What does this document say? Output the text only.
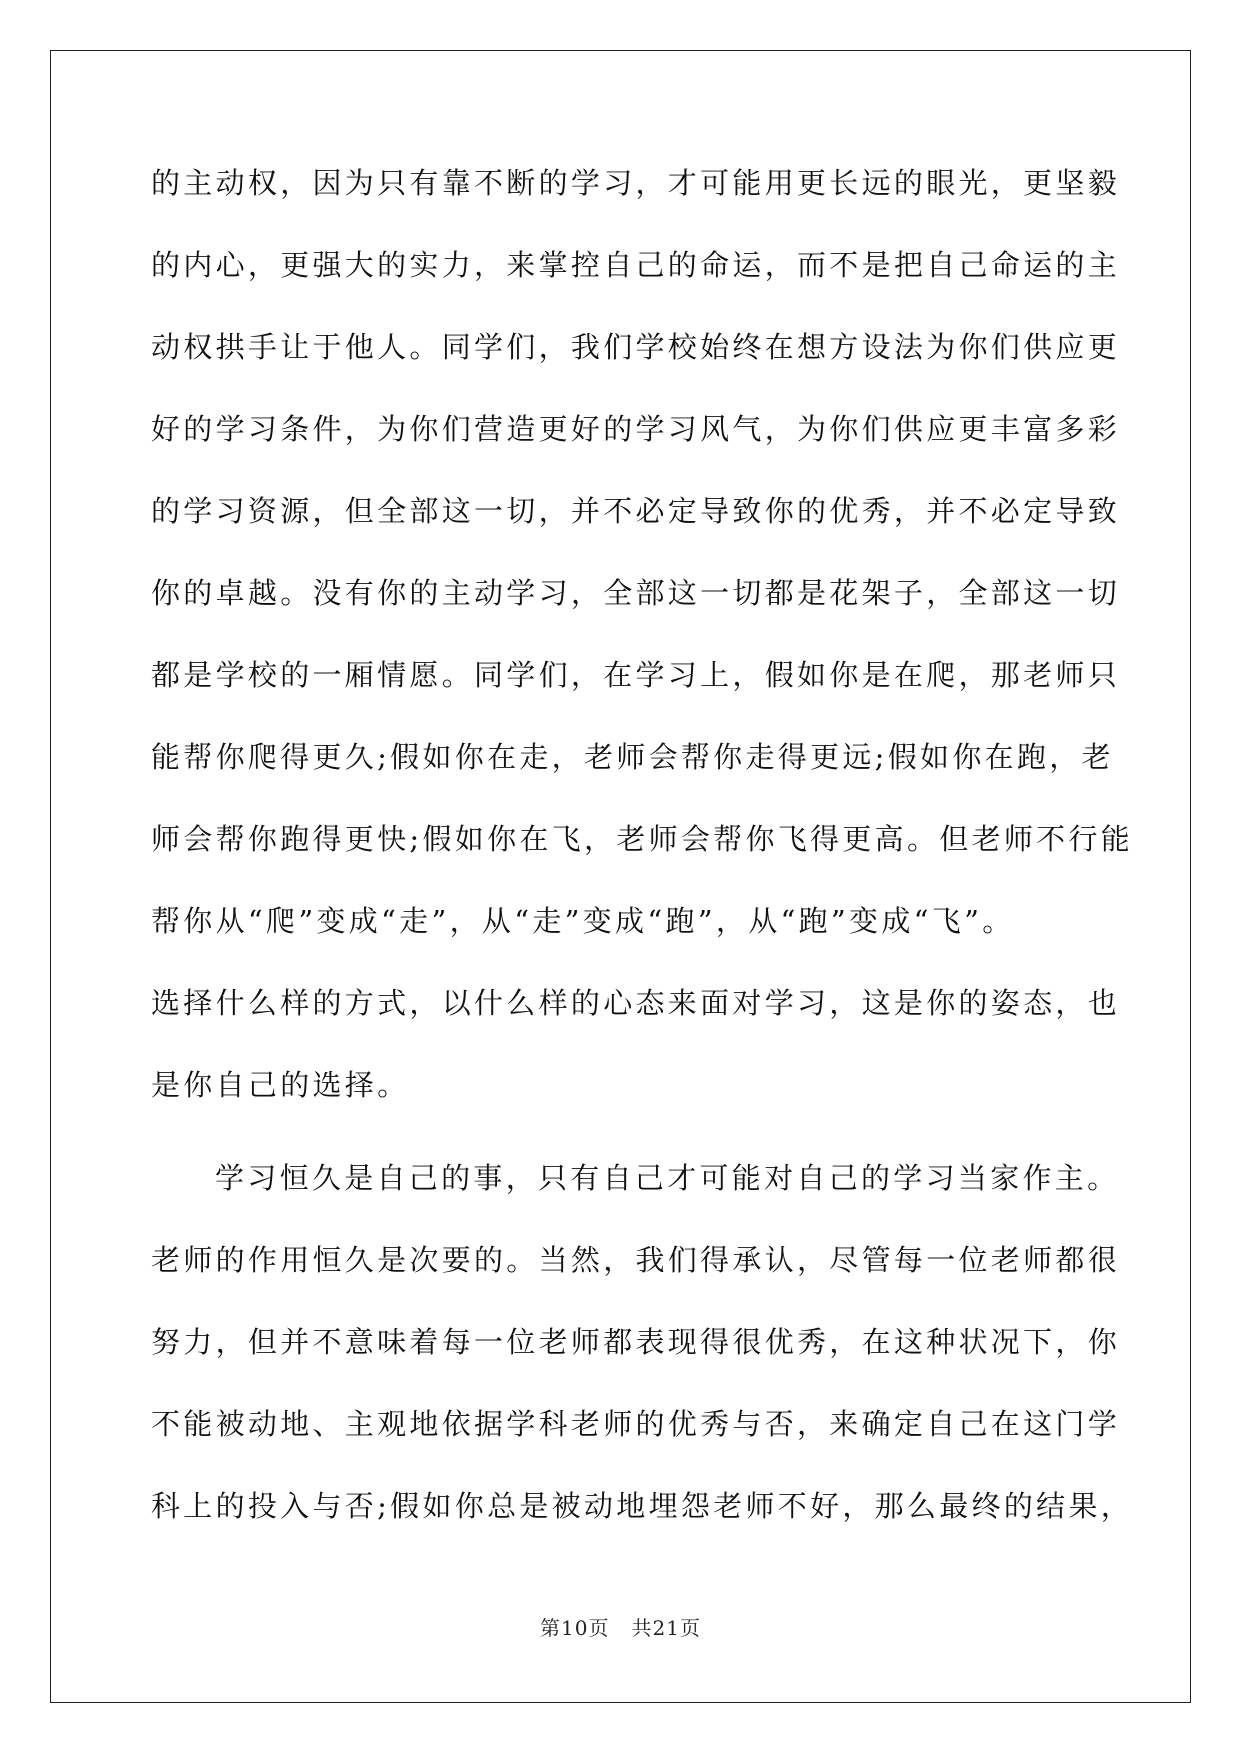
的主动权，因为只有靠不断的学习，才可能用更长远的眼光，更坚毅
的内心，更强大的实力，来掌控自己的命运，而不是把自己命运的主
动权拱手让于他人。同学们，我们学校始终在想方设法为你们供应更
好的学习条件，为你们营造更好的学习风气，为你们供应更丰富多彩
的学习资源，但全部这一切，并不必定导致你的优秀，并不必定导致
你的卓越。没有你的主动学习，全部这一切都是花架子，全部这一切
都是学校的一厢情愿。同学们，在学习上，假如你是在爬，那老师只
能帮你爬得更久;假如你在走，老师会帮你走得更远;假如你在跑，老
师会帮你跑得更快;假如你在飞，老师会帮你飞得更高。但老师不行能
帮你从“爬”变成“走”，从“走”变成“跑”，从“跑”变成“飞”。
选择什么样的方式，以什么样的心态来面对学习，这是你的姿态，也
是你自己的选择。
学习恒久是自己的事，只有自己才可能对自己的学习当家作主。
老师的作用恒久是次要的。当然，我们得承认，尽管每一位老师都很
努力，但并不意味着每一位老师都表现得很优秀，在这种状况下，你
不能被动地、主观地依据学科老师的优秀与否，来确定自己在这门学
科上的投入与否;假如你总是被动地埋怨老师不好，那么最终的结果，
第10页 共21页
